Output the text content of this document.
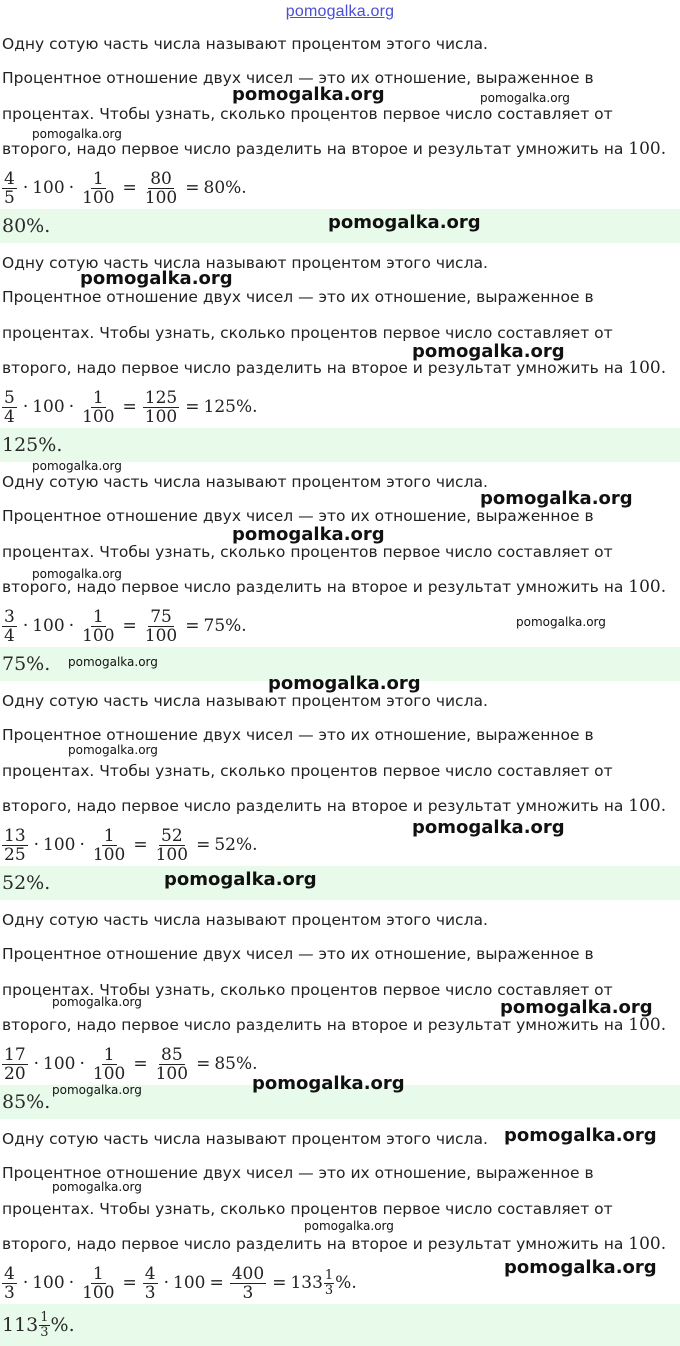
pomogalka.org
Одну сотую часть числа называют процентом этого числа.
Процентное отношение двух чисел — это их отношение, выраженное в
процентах. Чтобы узнать, сколько процентов первое число составляет от
второго, надо первое число разделить на второе и результат умножить на 100.
$\frac{4}{5} \cdot 100 \cdot \frac{1}{100} = \frac{80}{100} = 80\%$.
80%.
Одну сотую часть числа называют процентом этого числа.
Процентное отношение двух чисел — это их отношение, выраженное в
процентах. Чтобы узнать, сколько процентов первое число составляет от
второго, надо первое число разделить на второе и результат умножить на 100.
$\frac{5}{4} \cdot 100 \cdot \frac{1}{100} = \frac{125}{100} = 125\%$.
125%.
Одну сотую часть числа называют процентом этого числа.
Процентное отношение двух чисел — это их отношение, выраженное в
процентах. Чтобы узнать, сколько процентов первое число составляет от
второго, надо первое число разделить на второе и результат умножить на 100.
$\frac{3}{4} \cdot 100 \cdot \frac{1}{100} = \frac{75}{100} = 75\%$.
75%.
Одну сотую часть числа называют процентом этого числа.
Процентное отношение двух чисел — это их отношение, выраженное в
процентах. Чтобы узнать, сколько процентов первое число составляет от
второго, надо первое число разделить на второе и результат умножить на 100.
$\frac{13}{25} \cdot 100 \cdot \frac{1}{100} = \frac{52}{100} = 52\%$.
52%.
Одну сотую часть числа называют процентом этого числа.
Процентное отношение двух чисел — это их отношение, выраженное в
процентах. Чтобы узнать, сколько процентов первое число составляет от
второго, надо первое число разделить на второе и результат умножить на 100.
$\frac{17}{20} \cdot 100 \cdot \frac{1}{100} = \frac{85}{100} = 85\%$.
85%.
Одну сотую часть числа называют процентом этого числа.
Процентное отношение двух чисел — это их отношение, выраженное в
процентах. Чтобы узнать, сколько процентов первое число составляет от
второго, надо первое число разделить на второе и результат умножить на 100.
$\frac{4}{3} \cdot 100 \cdot \frac{1}{100} = \frac{4}{3} \cdot 100 = \frac{400}{3} = 133 \frac{1}{3}$ %.
$113 \frac{1}{3}$ %.
pomogalka.org	pomogalka.org
pomogalka.org
pomogalka.org
pomogalka.org
pomogalka.org
pomogalka.org
pomogalka.org
pomogalka.org
pomogalka.org
pomogalka.org
pomogalka.org
pomogalka.org
pomogalka.org
pomogalka.org
pomogalka.org
pomogalka.org	pomogalka.org
pomogalka.org
pomogalka.org
pomogalka.org
pomogalka.org
pomogalka.org
pomogalka.org
